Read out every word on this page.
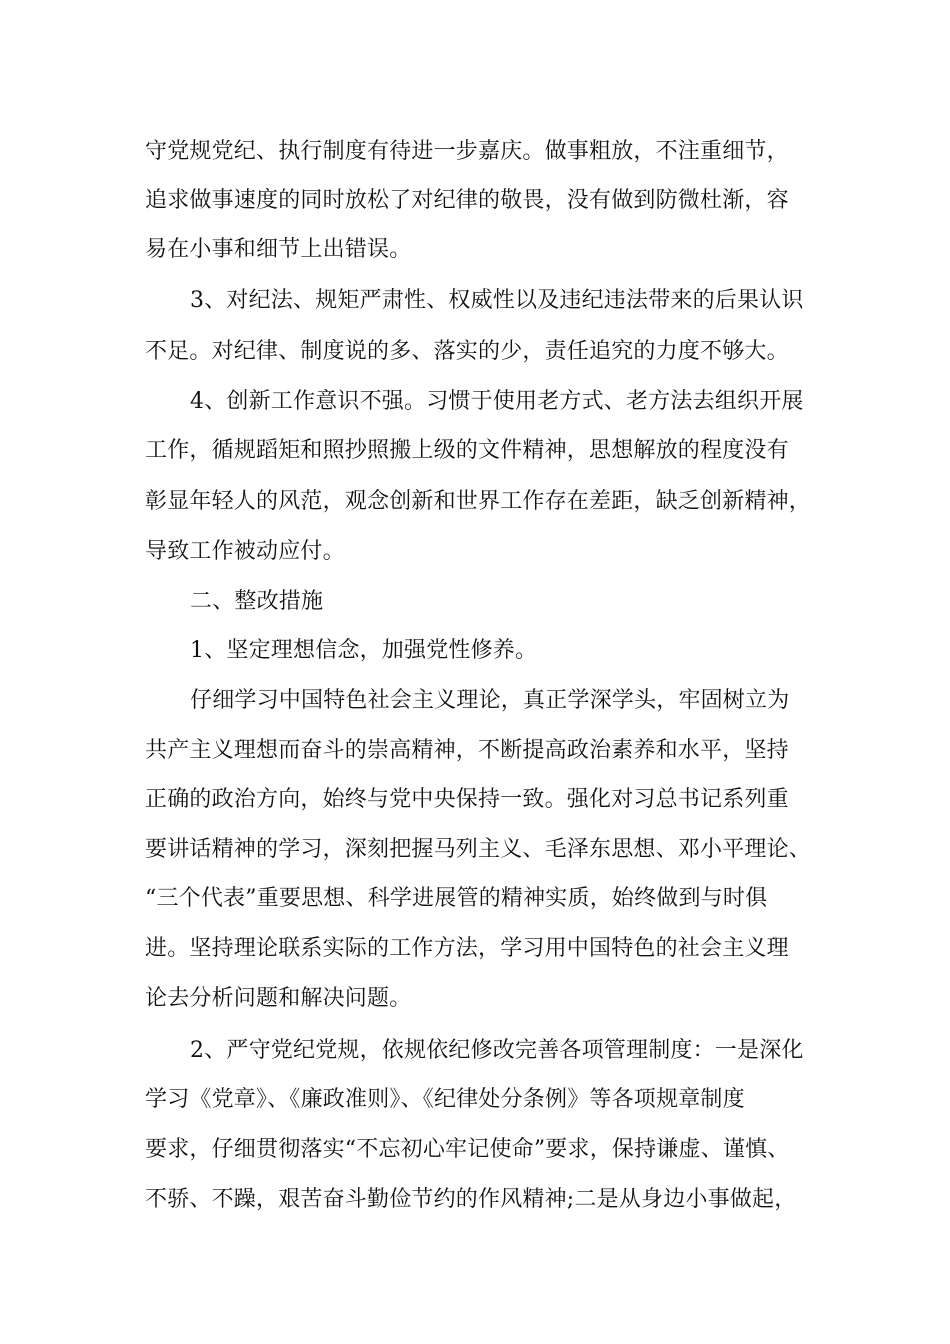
守党规党纪、执行制度有待进一步嘉庆。做事粗放，不注重细节，
追求做事速度的同时放松了对纪律的敬畏，没有做到防微杜渐，容
易在小事和细节上出错误。
3、对纪法、规矩严肃性、权威性以及违纪违法带来的后果认识
不足。对纪律、制度说的多、落实的少，责任追究的力度不够大。
4、创新工作意识不强。习惯于使用老方式、老方法去组织开展
工作，循规蹈矩和照抄照搬上级的文件精神，思想解放的程度没有
彰显年轻人的风范，观念创新和世界工作存在差距，缺乏创新精神，
导致工作被动应付。
二、整改措施
1、坚定理想信念，加强党性修养。
仔细学习中国特色社会主义理论，真正学深学头，牢固树立为
共产主义理想而奋斗的崇高精神，不断提高政治素养和水平，坚持
正确的政治方向，始终与党中央保持一致。强化对习总书记系列重
要讲话精神的学习，深刻把握马列主义、毛泽东思想、邓小平理论、
“三个代表”重要思想、科学进展管的精神实质，始终做到与时俱
进。坚持理论联系实际的工作方法，学习用中国特色的社会主义理
论去分析问题和解决问题。
2、严守党纪党规，依规依纪修改完善各项管理制度：一是深化
学习《党章》、《廉政准则》、《纪律处分条例》等各项规章制度
要求，仔细贯彻落实“不忘初心牢记使命”要求，保持谦虚、谨慎、
不骄、不躁，艰苦奋斗勤俭节约的作风精神;二是从身边小事做起，
